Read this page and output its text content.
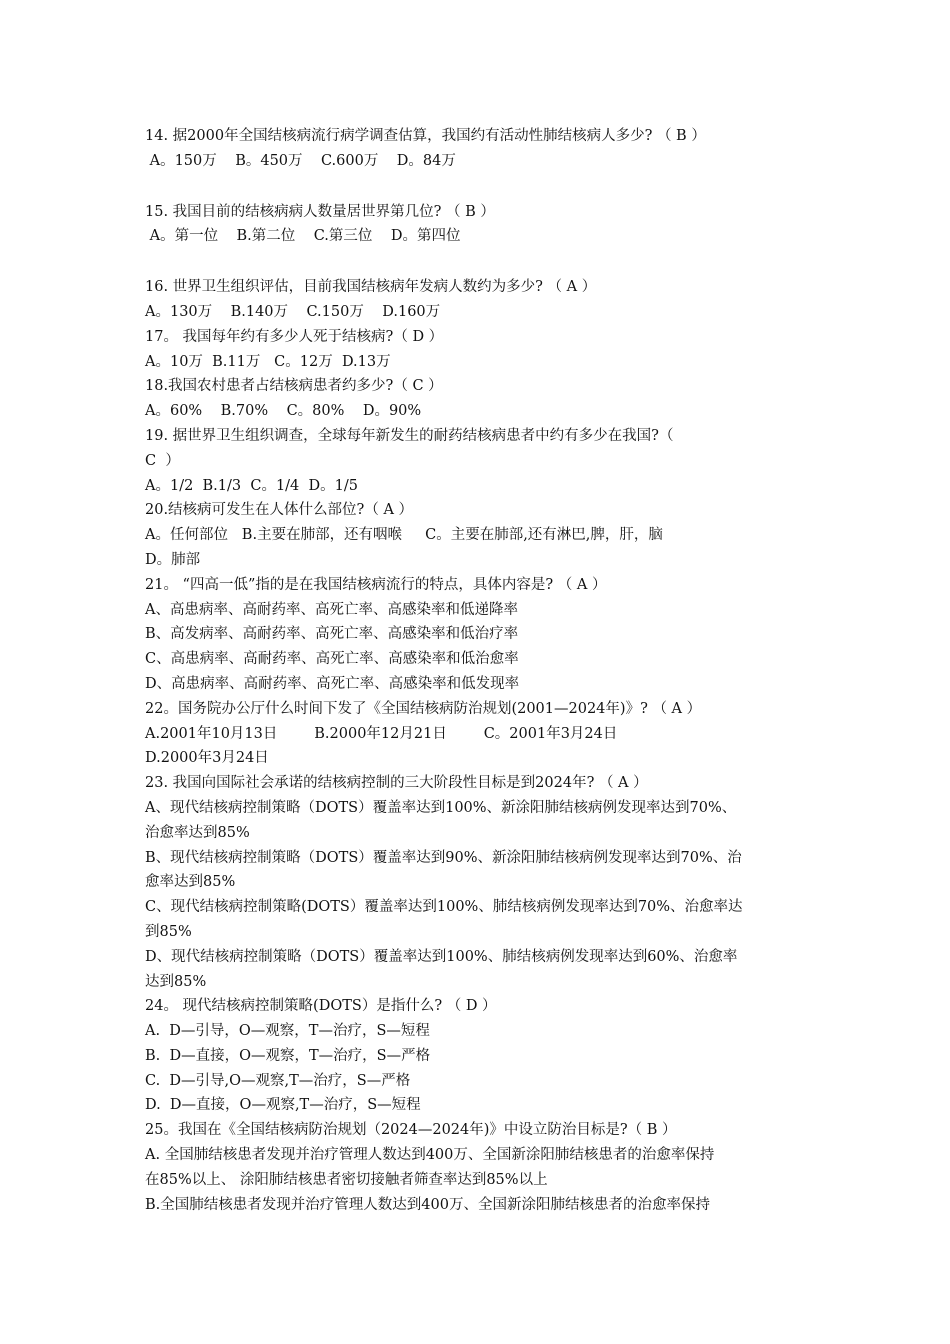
14. 据2000年全国结核病流行病学调查估算，我国约有活动性肺结核病人多少? （ B ）
A。150万    B。450万    C.600万    D。84万
15. 我国目前的结核病病人数量居世界第几位? （ B ）
A。第一位    B.第二位    C.第三位    D。第四位
16. 世界卫生组织评估，目前我国结核病年发病人数约为多少? （ A ）
A。130万    B.140万    C.150万    D.160万
17。 我国每年约有多少人死于结核病?（ D ）
A。10万  B.11万   C。12万  D.13万
18.我国农村患者占结核病患者约多少?（ C ）
A。60%    B.70%    C。80%    D。90%
19. 据世界卫生组织调查，全球每年新发生的耐药结核病患者中约有多少在我国?（
C  ）
A。1/2  B.1/3  C。1/4  D。1/5
20.结核病可发生在人体什么部位?（ A ）
A。任何部位   B.主要在肺部，还有咽喉     C。主要在肺部,还有淋巴,脾，肝，脑
D。肺部
21。 “四高一低”指的是在我国结核病流行的特点，具体内容是? （ A ）
A、高患病率、高耐药率、高死亡率、高感染率和低递降率
B、高发病率、高耐药率、高死亡率、高感染率和低治疗率
C、高患病率、高耐药率、高死亡率、高感染率和低治愈率
D、高患病率、高耐药率、高死亡率、高感染率和低发现率
22。国务院办公厅什么时间下发了《全国结核病防治规划(2001—2024年)》? （ A ）
A.2001年10月13日        B.2000年12月21日        C。2001年3月24日
D.2000年3月24日
23. 我国向国际社会承诺的结核病控制的三大阶段性目标是到2024年? （ A ）
A、现代结核病控制策略（DOTS）覆盖率达到100%、新涂阳肺结核病例发现率达到70%、
治愈率达到85%
B、现代结核病控制策略（DOTS）覆盖率达到90%、新涂阳肺结核病例发现率达到70%、治
愈率达到85%
C、现代结核病控制策略(DOTS）覆盖率达到100%、肺结核病例发现率达到70%、治愈率达
到85%
D、现代结核病控制策略（DOTS）覆盖率达到100%、肺结核病例发现率达到60%、治愈率
达到85%
24。 现代结核病控制策略(DOTS）是指什么? （ D ）
A.  D—引导，O—观察，T—治疗，S—短程
B.  D—直接，O—观察，T—治疗，S—严格
C.  D—引导,O—观察,T—治疗，S—严格
D.  D—直接，O—观察,T—治疗，S—短程
25。我国在《全国结核病防治规划（2024—2024年)》中设立防治目标是?（ B ）
A. 全国肺结核患者发现并治疗管理人数达到400万、全国新涂阳肺结核患者的治愈率保持
在85%以上、 涂阳肺结核患者密切接触者筛查率达到85%以上
B.全国肺结核患者发现并治疗管理人数达到400万、全国新涂阳肺结核患者的治愈率保持
